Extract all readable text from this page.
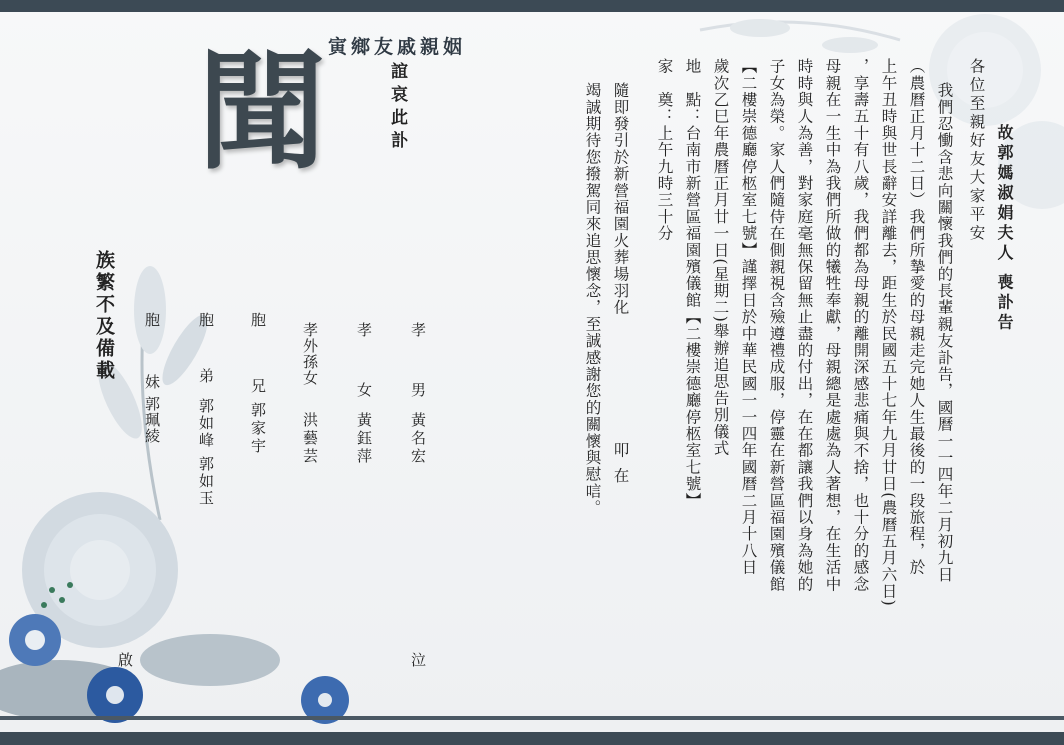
故郭媽淑娟夫人 喪訃告
各位至親好友大家平安
我們忍慟含悲向關懷我們的長輩親友訃告，國曆一一四年二月初九日
（農曆正月十二日）我們所摯愛的母親走完她人生最後的一段旅程，於
上午丑時與世長辭安詳離去，距生於民國五十七年九月廿日(農曆五月六日)
，享壽五十有八歲，我們都為母親的離開深感悲痛與不捨，也十分的感念
母親在一生中為我們所做的犧牲奉獻，母親總是處處為人著想，在生活中
時時與人為善，對家庭毫無保留無止盡的付出，在在都讓我們以身為她的
子女為榮。家人們隨侍在側親視含殮遵禮成服，停靈在新營區福園殯儀館
【二樓崇德廳停柩室七號】謹擇日於中華民國一一四年國曆二月十八日
歲次乙巳年農曆正月廿一日(星期二)舉辦追思告別儀式
地　點：台南市新營區福園殯儀館【二樓崇德廳停柩室七號】
家　奠：上午九時三十分
隨即發引於新營福園火葬場羽化
竭誠期待您撥駕同來追思懷念，至誠感謝您的關懷與慰唁。 叩在
寅鄉友戚親姻
聞	誼哀此訃
孝
男
黃名宏
孝
女
黃鈺萍
孝外孫女
洪藝芸
胞
兄
郭家宇
胞
弟
郭如峰 郭如玉
胞
妹
郭珮綾
泣
族繁不及備載
啟
